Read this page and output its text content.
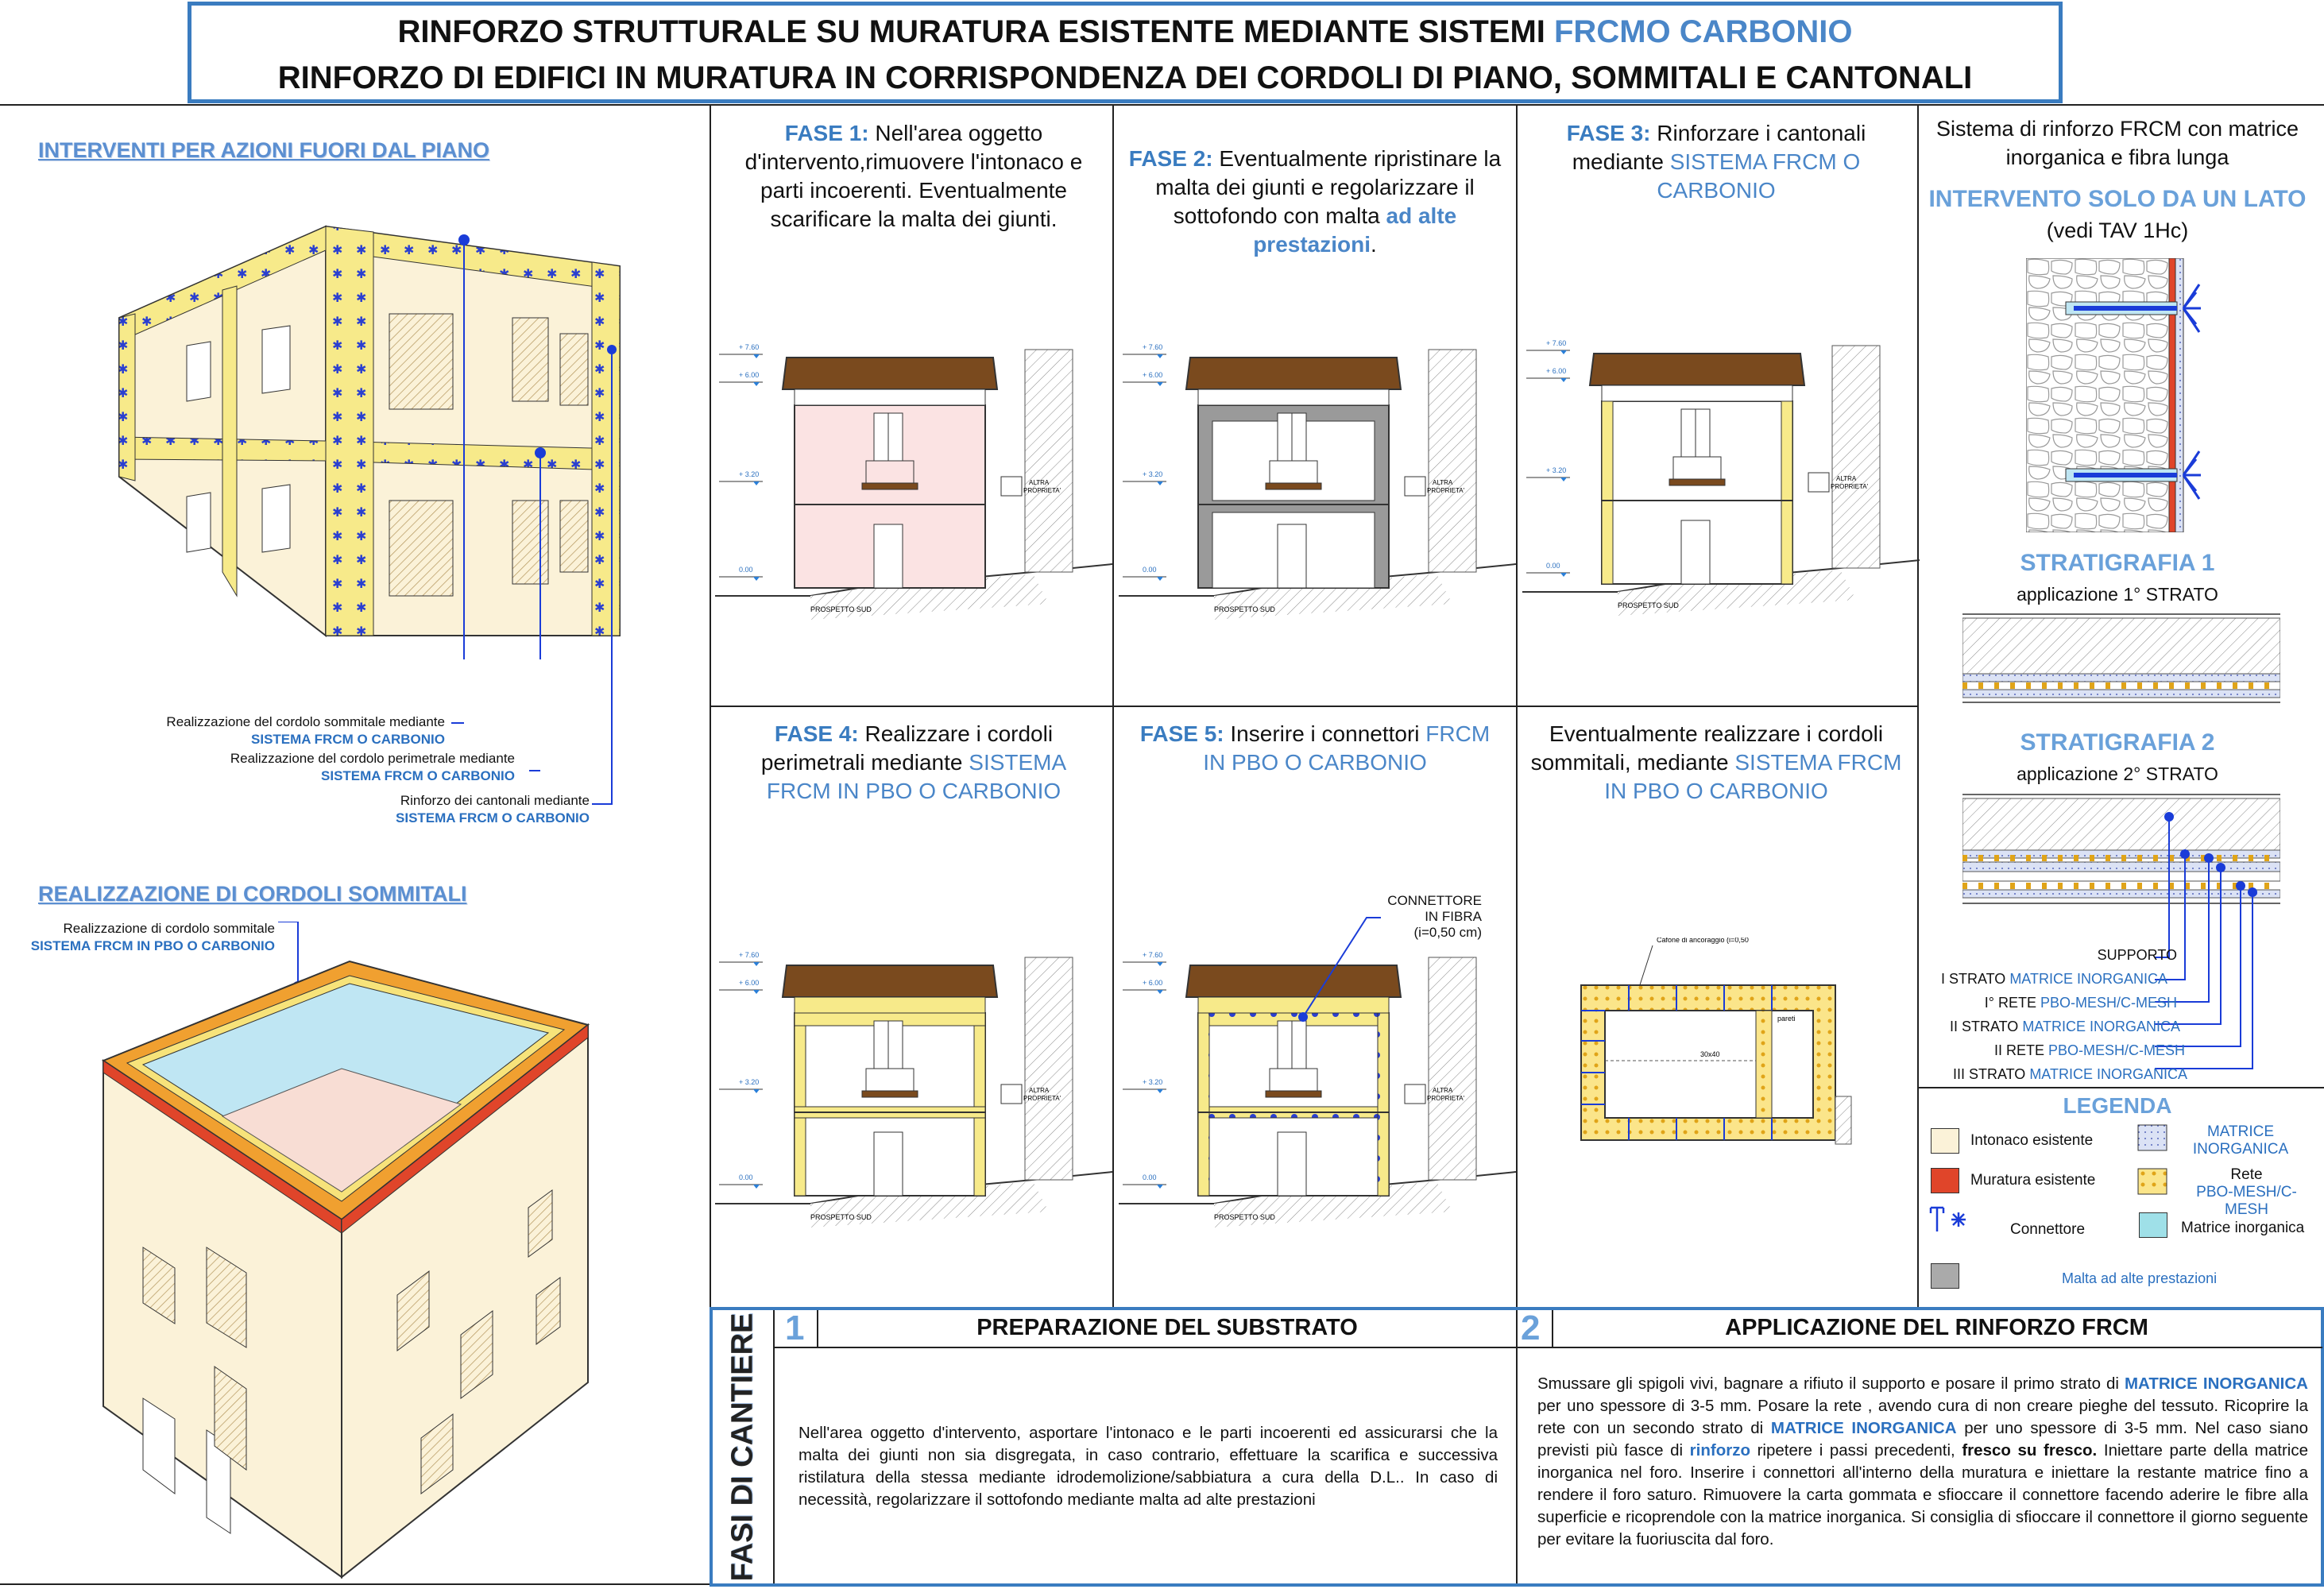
RINFORZO STRUTTURALE SU MURATURA ESISTENTE MEDIANTE SISTEMI FRCMO CARBONIO
RINFORZO DI EDIFICI IN MURATURA IN CORRISPONDENZA DEI CORDOLI DI PIANO, SOMMITALI E CANTONALI
INTERVENTI PER AZIONI FUORI DAL PIANO
Realizzazione del cordolo sommitale mediante
SISTEMA FRCM O CARBONIO
Realizzazione del cordolo perimetrale mediante
SISTEMA FRCM O CARBONIO
Rinforzo dei cantonali mediante
SISTEMA FRCM O CARBONIO
REALIZZAZIONE DI CORDOLI SOMMITALI
Realizzazione di cordolo sommitale
SISTEMA FRCM IN PBO O CARBONIO
FASE 1: Nell'area oggetto d'intervento,rimuovere l'intonaco e parti incoerenti. Eventualmente scarificare la malta dei giunti.
FASE 2: Eventualmente ripristinare la malta dei giunti e regolarizzare il sottofondo con malta ad alte prestazioni.
FASE 3: Rinforzare i cantonali mediante SISTEMA FRCM O CARBONIO
FASE 4: Realizzare i cordoli perimetrali mediante SISTEMA FRCM IN PBO O CARBONIO
FASE 5: Inserire i connettori FRCM IN PBO O CARBONIO
Eventualmente realizzare i cordoli sommitali, mediante SISTEMA FRCM IN PBO O CARBONIO
+ 7.60
+ 6.00
+ 3.20
0.00
PROSPETTO SUD
ALTRA
PROPRIETA'
+ 7.60
+ 6.00
+ 3.20
0.00
PROSPETTO SUD
ALTRA
PROPRIETA'
+ 7.60
+ 6.00
+ 3.20
0.00
PROSPETTO SUD
ALTRA
PROPRIETA'
+ 7.60
+ 6.00
+ 3.20
0.00
PROSPETTO SUD
ALTRA
PROPRIETA'
+ 7.60
+ 6.00
+ 3.20
0.00
PROSPETTO SUD
ALTRA
PROPRIETA'
CONNETTORE
IN FIBRA
(i=0,50 cm)	Cafone di ancoraggio (i=0,50
30x40
pareti
Sistema di rinforzo FRCM con matrice inorganica e fibra lunga
INTERVENTO SOLO DA UN LATO
(vedi TAV 1Hc)
STRATIGRAFIA 1
applicazione 1° STRATO
STRATIGRAFIA 2
applicazione 2° STRATO
SUPPORTO
I STRATO MATRICE INORGANICA
I° RETE PBO-MESH/C-MESH
II STRATO MATRICE INORGANICA
II RETE PBO-MESH/C-MESH
III STRATO MATRICE INORGANICA
LEGENDA
Intonaco esistente
Muratura esistente
Connettore
MATRICE
INORGANICA
Rete
PBO-MESH/C-MESH
Matrice inorganica
Malta ad alte prestazioni
FASI DI CANTIERE 1	PREPARAZIONE DEL SUBSTRATO
Nell'area oggetto d'intervento, asportare l'intonaco e le parti incoerenti ed assicurarsi che la malta dei giunti non sia disgregata, in caso contrario, effettuare la scarifica e successiva ristilatura della stessa mediante idrodemolizione/sabbiatura a cura della D.L.. In caso di necessità, regolarizzare il sottofondo mediante malta ad alte prestazioni
2	APPLICAZIONE DEL RINFORZO FRCM
Smussare gli spigoli vivi, bagnare a rifiuto il supporto e posare il primo strato di MATRICE INORGANICA per uno spessore di 3-5 mm. Posare la rete , avendo cura di non creare pieghe del tessuto. Ricoprire la rete con un secondo strato di MATRICE INORGANICA per uno spessore di 3-5 mm. Nel caso siano previsti più fasce di rinforzo ripetere i passi precedenti, fresco su fresco. Iniettare parte della matrice inorganica nel foro. Inserire i connettori all'interno della muratura e iniettare la restante matrice fino a rendere il foro saturo. Rimuovere la carta gommata e sfioccare il connettore facendo aderire le fibre alla superficie e ricoprendole con la matrice inorganica. Si consiglia di sfioccare il connettore il giorno seguente per evitare la fuoriuscita dal foro.
